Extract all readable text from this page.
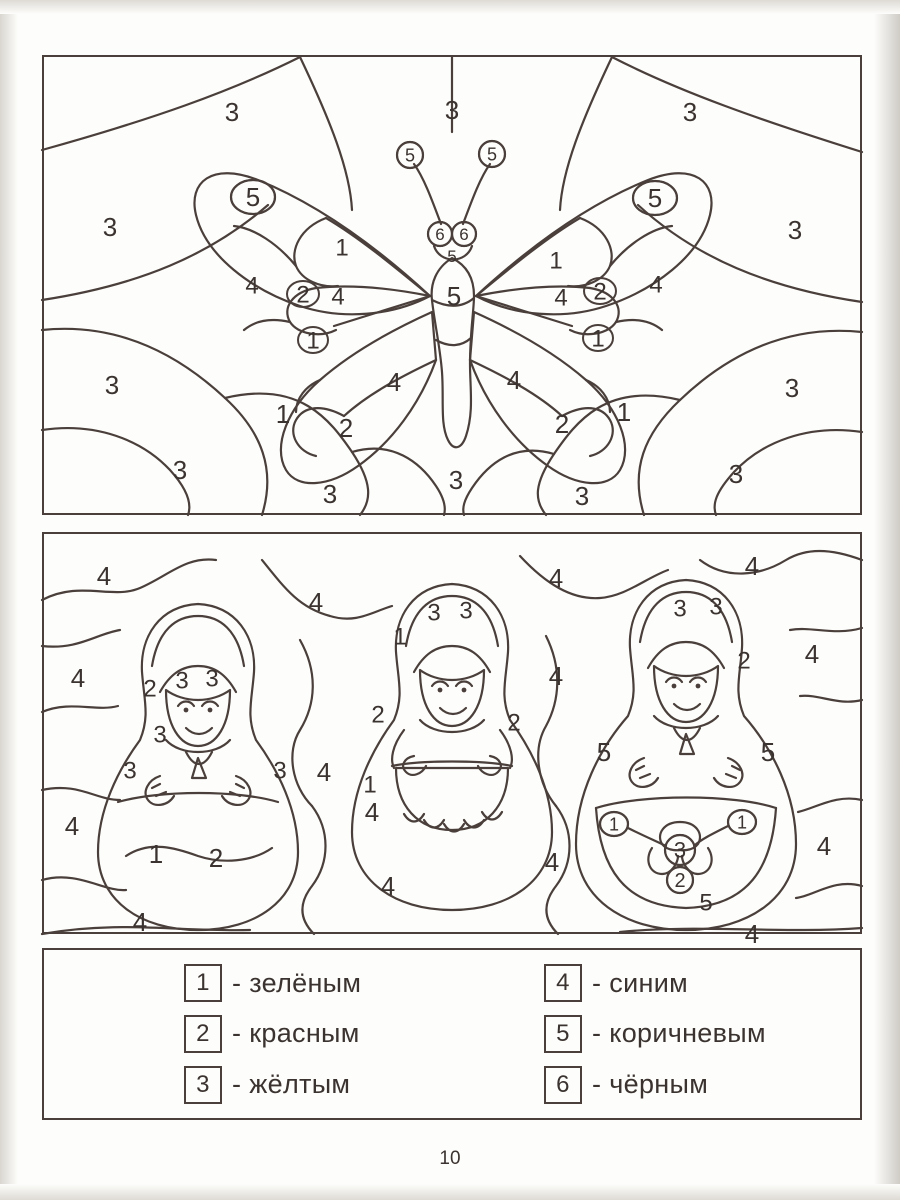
3	3	3
3	3
3	3
3
3	3
3
3
5	5
6 6
5
5	5
5
1	1
4 2 4	4 2 4
1	1
4	4
1 2	2 1
4
4
4	4
4	4
4
4
4
4
4
4
4
4	4
3 3
2
3
3	3
1 2
3 3
1
2	2
1
3 3
2
5	5
1	1
3
2
5
1 - зелёным	4 - синим
2 - красным	5 - коричневым
3 - жёлтым	6 - чёрным
10
